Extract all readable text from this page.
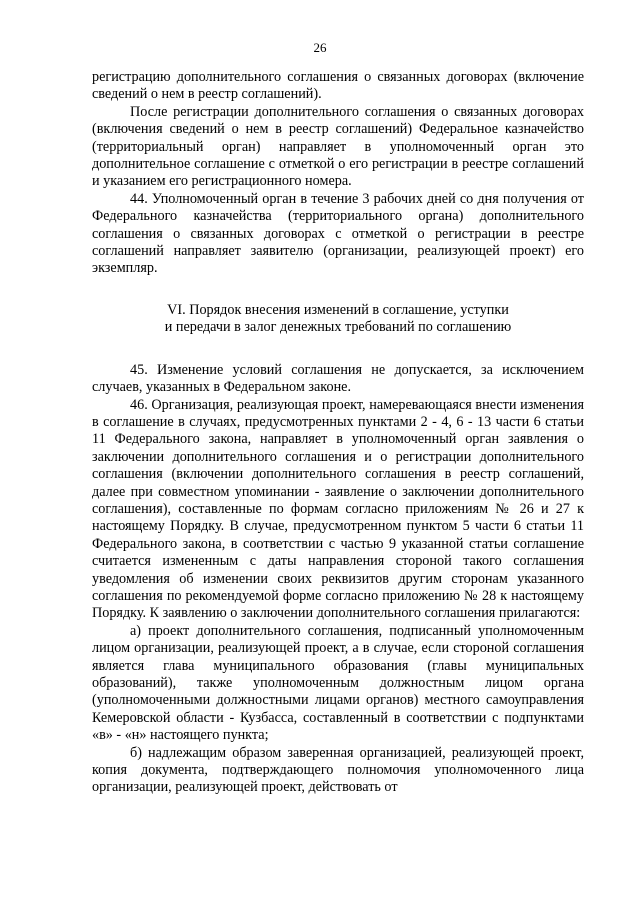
26

регистрацию дополнительного соглашения о связанных договорах (включение сведений о нем в реестр соглашений).

После регистрации дополнительного соглашения о связанных договорах (включения сведений о нем в реестр соглашений) Федеральное казначейство (территориальный орган) направляет в уполномоченный орган это дополнительное соглашение с отметкой о его регистрации в реестре соглашений и указанием его регистрационного номера.

44. Уполномоченный орган в течение 3 рабочих дней со дня получения от Федерального казначейства (территориального органа) дополнительного соглашения о связанных договорах с отметкой о регистрации в реестре соглашений направляет заявителю (организации, реализующей проект) его экземпляр.

VI. Порядок внесения изменений в соглашение, уступки
и передачи в залог денежных требований по соглашению

45. Изменение условий соглашения не допускается, за исключением случаев, указанных в Федеральном законе.

46. Организация, реализующая проект, намеревающаяся внести изменения в соглашение в случаях, предусмотренных пунктами 2 - 4, 6 - 13 части 6 статьи 11 Федерального закона, направляет в уполномоченный орган заявления о заключении дополнительного соглашения и о регистрации дополнительного соглашения (включении дополнительного соглашения в реестр соглашений, далее при совместном упоминании - заявление о заключении дополнительного соглашения), составленные по формам согласно приложениям № 26 и 27 к настоящему Порядку. В случае, предусмотренном пунктом 5 части 6 статьи 11 Федерального закона, в соответствии с частью 9 указанной статьи соглашение считается измененным с даты направления стороной такого соглашения уведомления об изменении своих реквизитов другим сторонам указанного соглашения по рекомендуемой форме согласно приложению № 28 к настоящему Порядку. К заявлению о заключении дополнительного соглашения прилагаются:

а) проект дополнительного соглашения, подписанный уполномоченным лицом организации, реализующей проект, а в случае, если стороной соглашения является глава муниципального образования (главы муниципальных образований), также уполномоченным должностным лицом органа (уполномоченными должностными лицами органов) местного самоуправления Кемеровской области - Кузбасса, составленный в соответствии с подпунктами «в» - «н» настоящего пункта;

б) надлежащим образом заверенная организацией, реализующей проект, копия документа, подтверждающего полномочия уполномоченного лица организации, реализующей проект, действовать от
